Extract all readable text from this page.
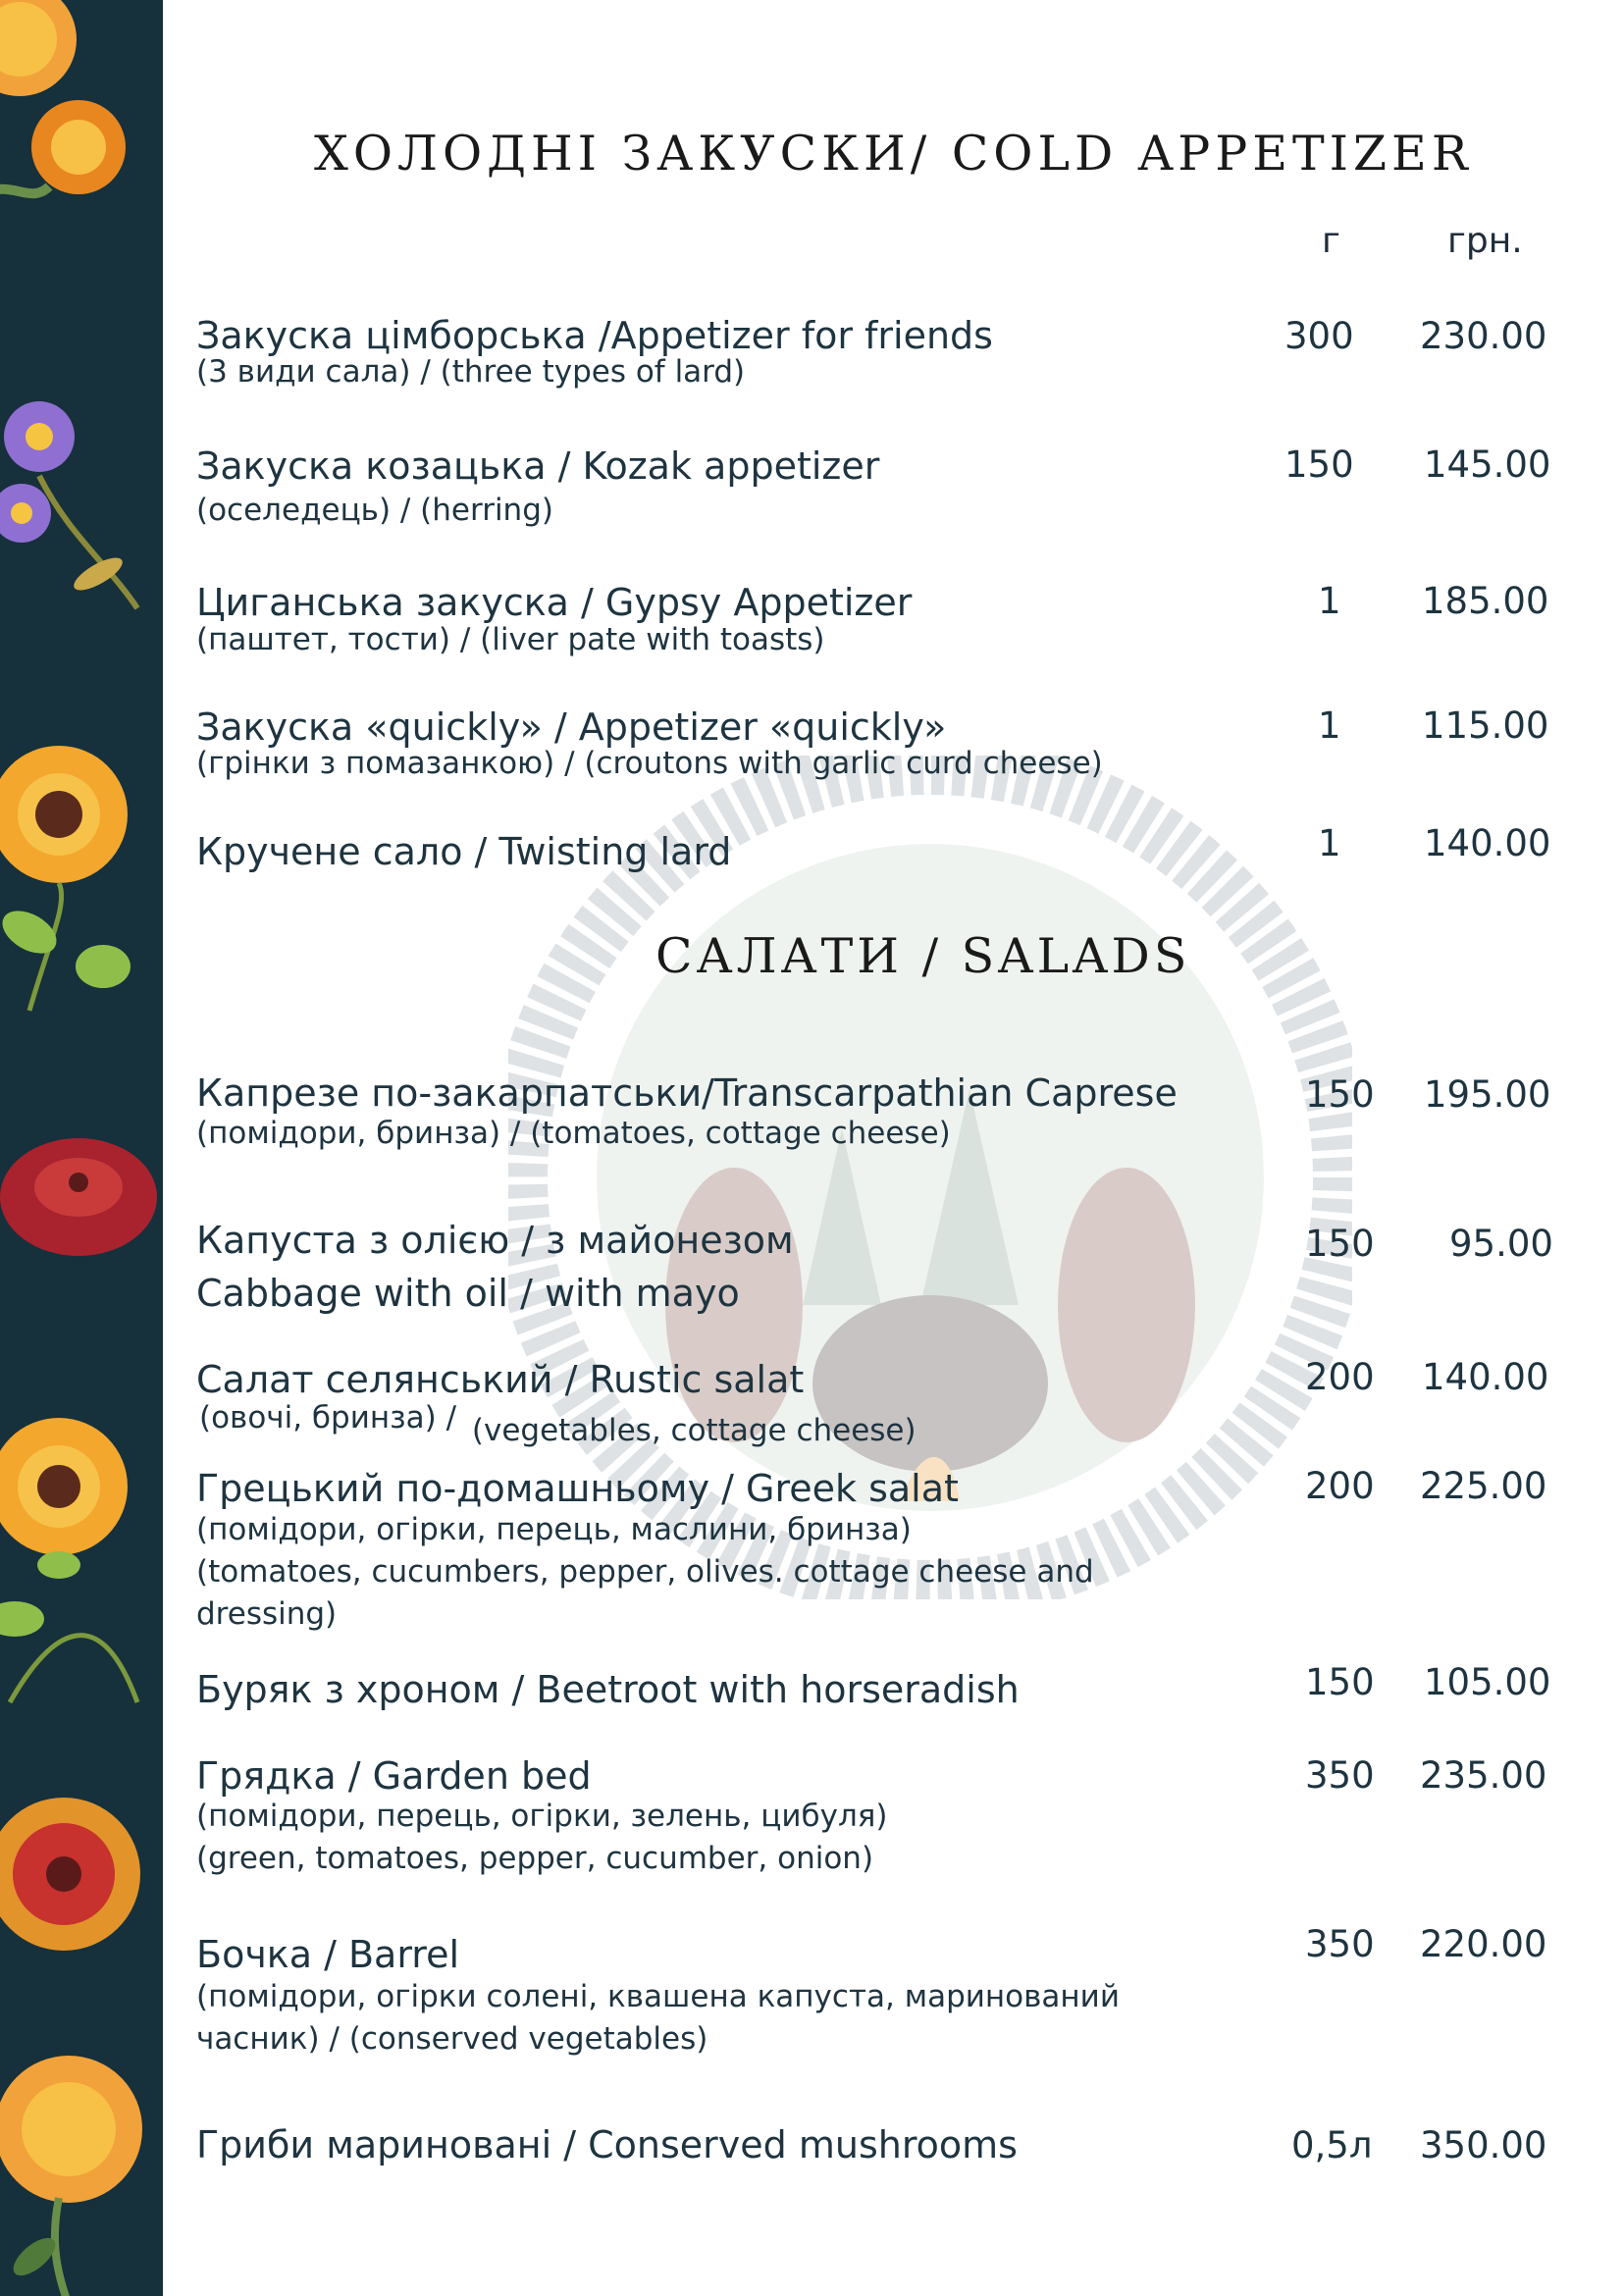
ХОЛОДНІ ЗАКУСКИ/ COLD APPETIZER
г	грн.
Закуска цімборська /Appetizer for friends
(3 види сала) / (three types of lard)
300 230.00
Закуска козацька / Kozak appetizer
(оселедець) / (herring)
150 145.00
Циганська закуска / Gypsy Appetizer
(паштет, тости) / (liver pate with toasts)
1 185.00
Закуска «quickly» / Appetizer «quickly»
(грінки з помазанкою) / (croutons with garlic curd cheese)
1 115.00
Кручене сало / Twisting lard	1 140.00
САЛАТИ / SALADS
Капрезе по-закарпатськи/Transcarpathian Caprese
(помідори, бринза) / (tomatoes, cottage cheese)
150 195.00
Капуста з олією / з майонезом
Cabbage with oil / with mayo
150 95.00
Салат селянський / Rustic salat
(овочі, бринза) / (vegetables, cottage cheese)
200 140.00
Грецький по-домашньому / Greek salat
(помідори, огірки, перець, маслини, бринза)
(tomatoes, cucumbers, pepper, olives. cottage cheese and
dressing)
200 225.00
Буряк з хроном / Beetroot with horseradish	150 105.00
Грядка / Garden bed
(помідори, перець, огірки, зелень, цибуля)
(green, tomatoes, pepper, cucumber, onion)
350 235.00
Бочка / Barrel
(помідори, огірки солені, квашена капуста, маринований
часник) / (conserved vegetables)
350 220.00
Гриби мариновані / Conserved mushrooms	0,5л 350.00
